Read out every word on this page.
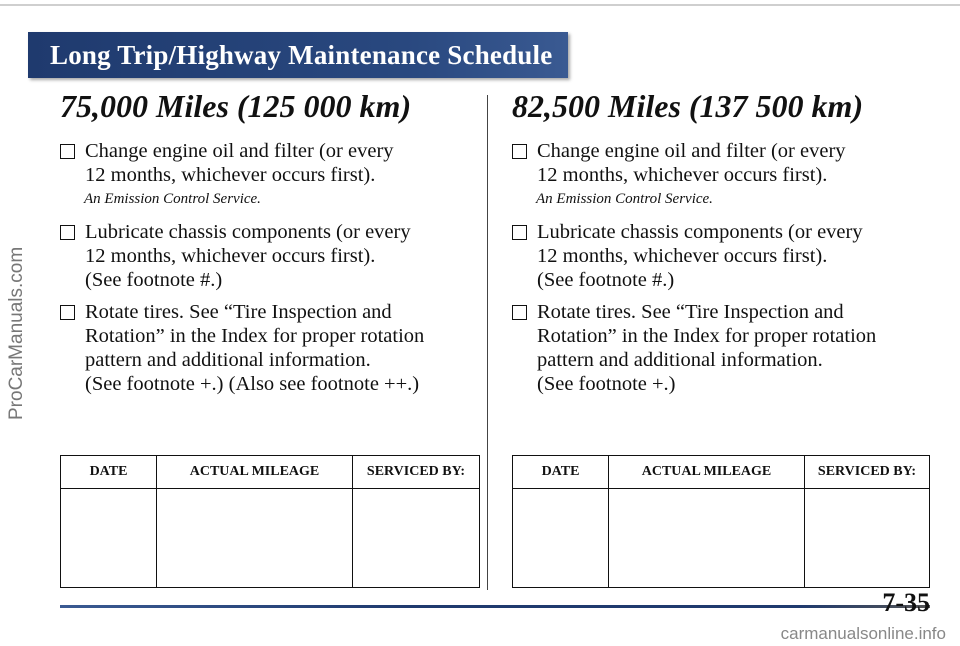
Long Trip/Highway Maintenance Schedule
ProCarManuals.com
75,000 Miles (125 000 km)
Change engine oil and filter (or every
12 months, whichever occurs first).
An Emission Control Service.
Lubricate chassis components (or every
12 months, whichever occurs first).
(See footnote #.)
Rotate tires. See “Tire Inspection and
Rotation” in the Index for proper rotation
pattern and additional information.
(See footnote +.) (Also see footnote ++.)
DATE	ACTUAL MILEAGE	SERVICED BY:

82,500 Miles (137 500 km)
Change engine oil and filter (or every
12 months, whichever occurs first).
An Emission Control Service.
Lubricate chassis components (or every
12 months, whichever occurs first).
(See footnote #.)
Rotate tires. See “Tire Inspection and
Rotation” in the Index for proper rotation
pattern and additional information.
(See footnote +.)
DATE	ACTUAL MILEAGE	SERVICED BY:

7-35
carmanualsonline.info
